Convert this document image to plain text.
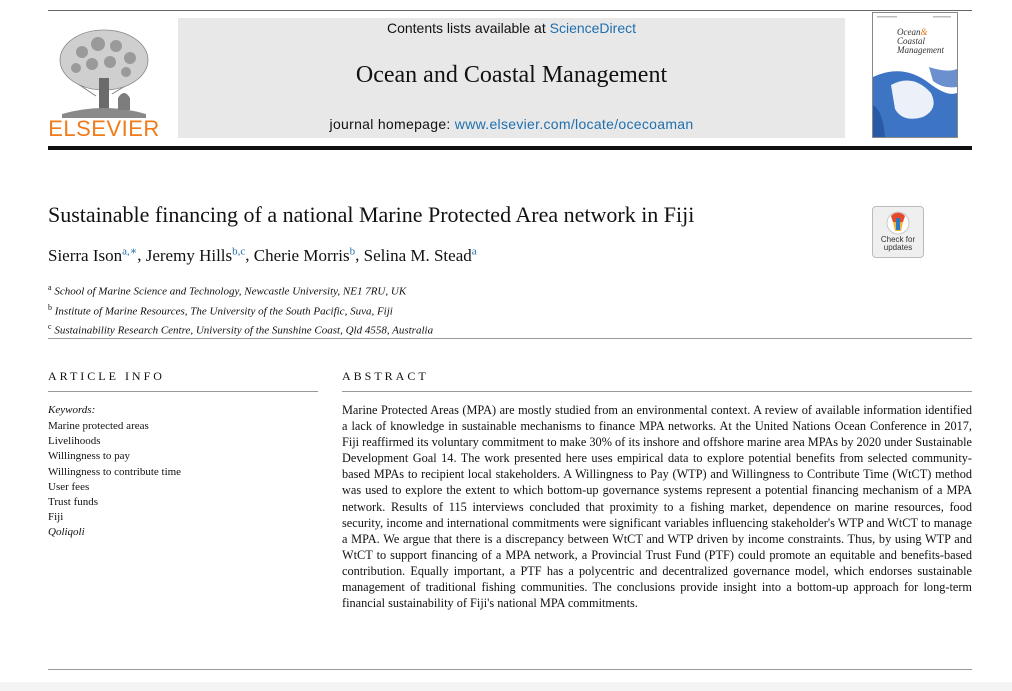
ELSEVIER
Contents lists available at ScienceDirect
Ocean and Coastal Management
journal homepage: www.elsevier.com/locate/ocecoaman
Ocean&
Coastal
Management
Sustainable financing of a national Marine Protected Area network in Fiji
Check for
updates
Sierra Ison$^{a,∗}$, Jeremy Hills$^{b,c}$, Cherie Morris$^b$, Selina M. Stead$^a$
$^a$ School of Marine Science and Technology, Newcastle University, NE1 7RU, UK
$^b$ Institute of Marine Resources, The University of the South Pacific, Suva, Fiji
$^c$ Sustainability Research Centre, University of the Sunshine Coast, Qld 4558, Australia
ARTICLE INFO
Keywords:
Marine protected areas
Livelihoods
Willingness to pay
Willingness to contribute time
User fees
Trust funds
Fiji
Qoliqoli
ABSTRACT

Marine Protected Areas (MPA) are mostly studied from an environmental context. A review of available information identified a lack of knowledge in sustainable mechanisms to finance MPA networks. At the United Nations Ocean Conference in 2017, Fiji reaffirmed its voluntary commitment to make 30% of its inshore and offshore marine area MPAs by 2020 under Sustainable Development Goal 14. The work presented here uses empirical data to explore potential benefits from selected community-based MPAs to recipient local stakeholders. A Willingness to Pay (WTP) and Willingness to Contribute Time (WtCT) method was used to explore the extent to which bottom-up governance systems represent a potential financing mechanism of a MPA network. Results of 115 interviews concluded that proximity to a fishing market, dependence on marine resources, food security, income and international commitments were significant variables influencing stakeholder's WTP and WtCT to manage a MPA. We argue that there is a discrepancy between WtCT and WTP driven by income constraints. Thus, by using WTP and WtCT to support financing of a MPA network, a Provincial Trust Fund (PTF) could promote an equitable and benefits-based contribution. Equally important, a PTF has a polycentric and decentralized governance model, which endorses sustainable management of traditional fishing communities. The conclusions provide insight into a bottom-up approach for long-term financial sustainability of Fiji's national MPA commitments.
